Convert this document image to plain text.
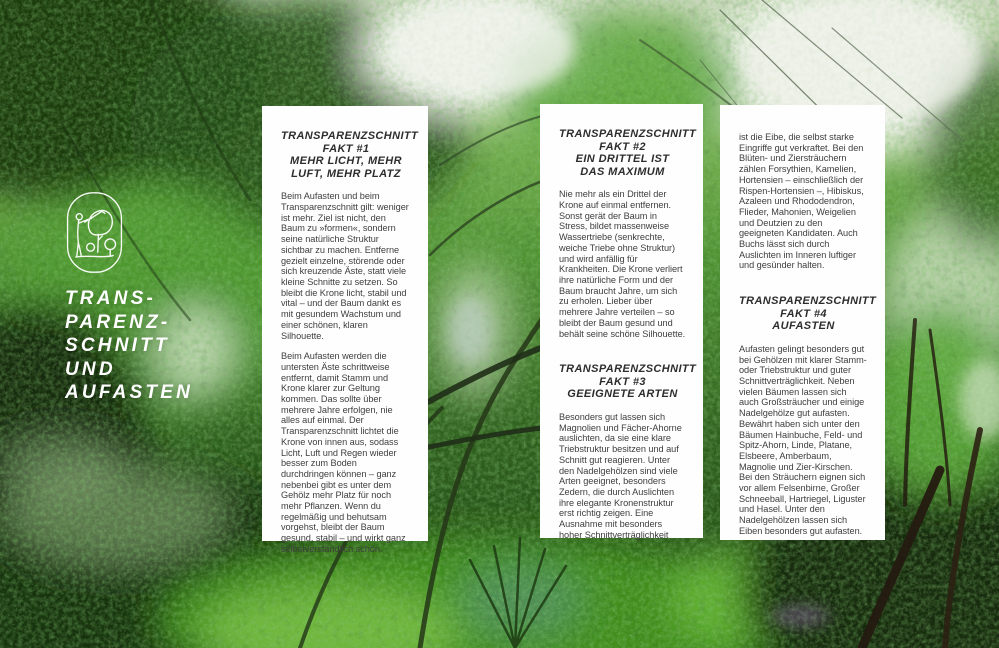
TRANS-
PARENZ-
SCHNITT
UND
AUFASTEN
TRANSPARENZSCHNITT
FAKT #1
MEHR LICHT, MEHR
LUFT, MEHR PLATZ

Beim Aufasten und beim Transparenzschnitt gilt: weniger ist mehr. Ziel ist nicht, den Baum zu »formen«, sondern seine natürliche Struktur sichtbar zu machen. Entferne gezielt einzelne, störende oder sich kreuzende Äste, statt viele kleine Schnitte zu setzen. So bleibt die Krone licht, stabil und vital – und der Baum dankt es mit gesundem Wachstum und einer schönen, klaren Silhouette.

Beim Aufasten werden die untersten Äste schrittweise entfernt, damit Stamm und Krone klarer zur Geltung kommen. Das sollte über mehrere Jahre erfolgen, nie alles auf einmal. Der Transparenzschnitt lichtet die Krone von innen aus, sodass Licht, Luft und Regen wieder besser zum Boden durchdringen können – ganz nebenbei gibt es unter dem Gehölz mehr Platz für noch mehr Pflanzen. Wenn du regelmäßig und behutsam vorgehst, bleibt der Baum gesund, stabil – und wirkt ganz selbstverständlich schön.

TRANSPARENZSCHNITT
FAKT #2
EIN DRITTEL IST
DAS MAXIMUM

Nie mehr als ein Drittel der Krone auf einmal entfernen. Sonst gerät der Baum in Stress, bildet massenweise Wassertriebe (senkrechte, weiche Triebe ohne Struktur) und wird anfällig für Krankheiten. Die Krone verliert ihre natürliche Form und der Baum braucht Jahre, um sich zu erholen. Lieber über mehrere Jahre verteilen – so bleibt der Baum gesund und behält seine schöne Silhouette.

TRANSPARENZSCHNITT
FAKT #3
GEEIGNETE ARTEN

Besonders gut lassen sich Magnolien und Fächer-Ahorne auslichten, da sie eine klare Triebstruktur besitzen und auf Schnitt gut reagieren. Unter den Nadelgehölzen sind viele Arten geeignet, besonders Zedern, die durch Auslichten ihre elegante Kronenstruktur erst richtig zeigen. Eine Ausnahme mit besonders hoher Schnittverträglichkeit

ist die Eibe, die selbst starke Eingriffe gut verkraftet. Bei den Blüten- und Ziersträuchern zählen Forsythien, Kamelien, Hortensien – einschließlich der Rispen-Hortensien –, Hibiskus, Azaleen und Rhododendron, Flieder, Mahonien, Weigelien und Deutzien zu den geeigneten Kandidaten. Auch Buchs lässt sich durch Auslichten im Inneren luftiger und gesünder halten.

TRANSPARENZSCHNITT
FAKT #4
AUFASTEN

Aufasten gelingt besonders gut bei Gehölzen mit klarer Stamm- oder Triebstruktur und guter Schnittverträglichkeit. Neben vielen Bäumen lassen sich auch Großsträucher und einige Nadelgehölze gut aufasten. Bewährt haben sich unter den Bäumen Hainbuche, Feld- und Spitz-Ahorn, Linde, Platane, Elsbeere, Amberbaum, Magnolie und Zier-Kirschen. Bei den Sträuchern eignen sich vor allem Felsenbirne, Großer Schneeball, Hartriegel, Liguster und Hasel. Unter den Nadelgehölzen lassen sich Eiben besonders gut aufasten.
